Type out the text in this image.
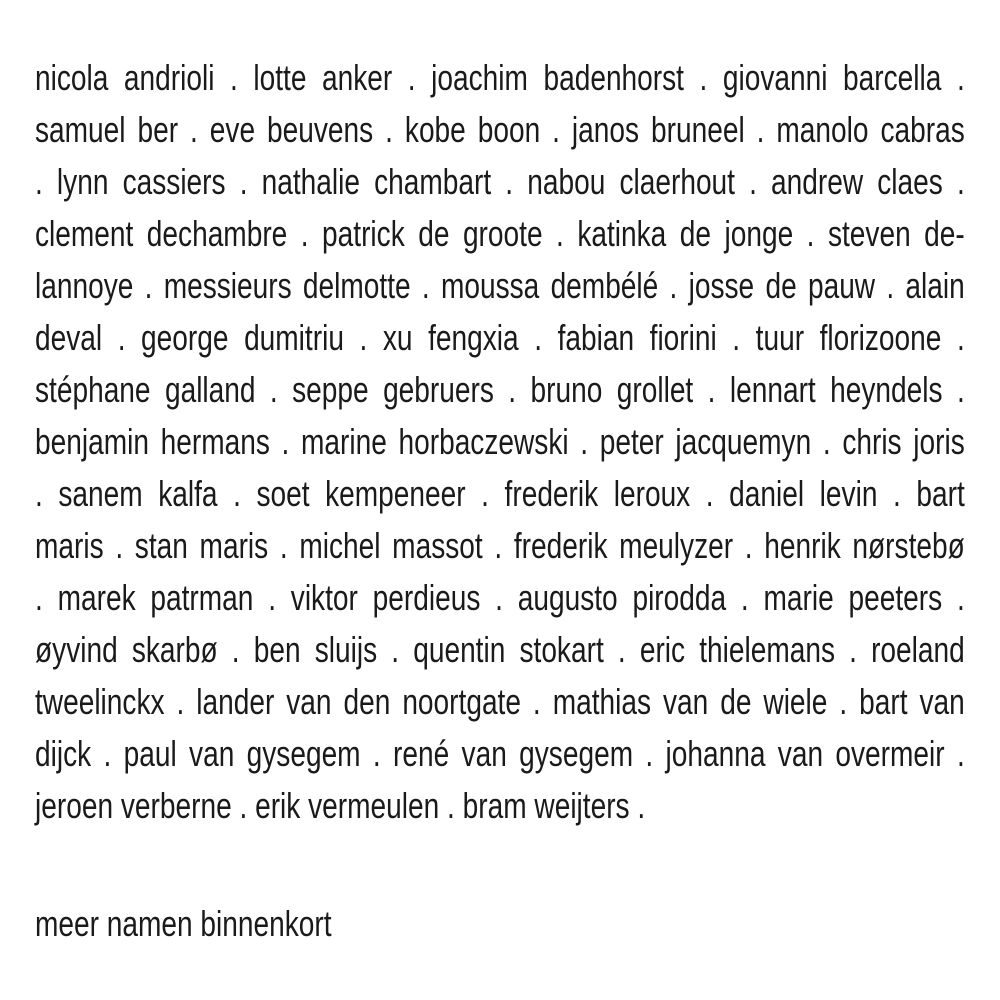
nicola andrioli . lotte anker . joachim badenhorst . giovanni barcella .
samuel ber . eve beuvens . kobe boon . janos bruneel . manolo cabras
. lynn cassiers . nathalie chambart . nabou claerhout . andrew claes .
clement dechambre . patrick de groote . katinka de jonge . steven de-
lannoye . messieurs delmotte . moussa dembélé . josse de pauw . alain
deval . george dumitriu . xu fengxia . fabian fiorini . tuur florizoone .
stéphane galland . seppe gebruers . bruno grollet . lennart heyndels .
benjamin hermans . marine horbaczewski . peter jacquemyn . chris joris
. sanem kalfa . soet kempeneer . frederik leroux . daniel levin . bart
maris . stan maris . michel massot . frederik meulyzer . henrik nørstebø
. marek patrman . viktor perdieus . augusto pirodda . marie peeters .
øyvind skarbø . ben sluijs . quentin stokart . eric thielemans . roeland
tweelinckx . lander van den noortgate . mathias van de wiele . bart van
dijck . paul van gysegem . rené van gysegem . johanna van overmeir .
jeroen verberne . erik vermeulen . bram weijters .
meer namen binnenkort
